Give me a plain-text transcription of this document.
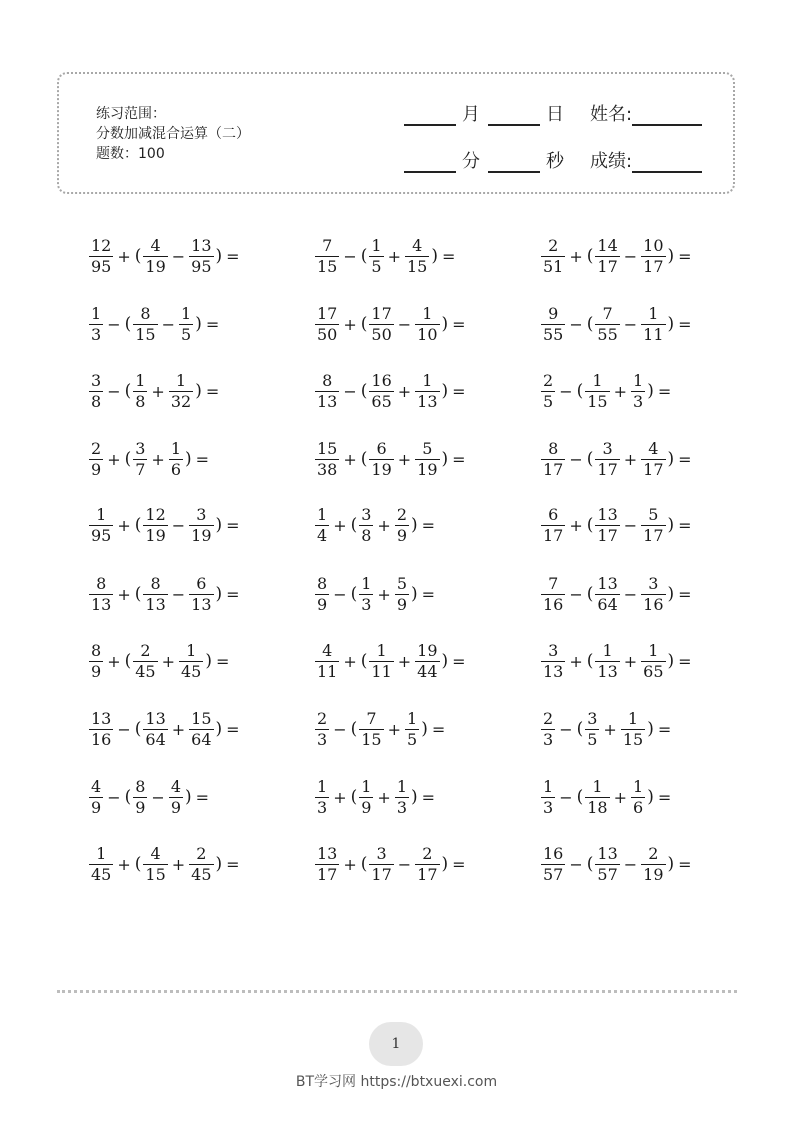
练习范围：
分数加减混合运算（二）
题数：100
月	日 姓名:
分	秒 成绩:
$\frac{12}{95}$ + ( $\frac{4}{19} - \frac{13}{95}$ ) =
$\frac{1}{3}$ − ( $\frac{8}{15} - \frac{1}{5}$ ) =
$\frac{3}{8}$ − ( $\frac{1}{8} + \frac{1}{32}$ ) =
$\frac{2}{9}$ + ( $\frac{3}{7} + \frac{1}{6}$ ) =
$\frac{1}{95}$ + ( $\frac{12}{19} - \frac{3}{19}$ ) =
$\frac{8}{13}$ + ( $\frac{8}{13} - \frac{6}{13}$ ) =
$\frac{8}{9}$ + ( $\frac{2}{45} + \frac{1}{45}$ ) =
$\frac{13}{16}$ − ( $\frac{13}{64} + \frac{15}{64}$ ) =
$\frac{4}{9}$ − ( $\frac{8}{9} - \frac{4}{9}$ ) =
$\frac{1}{45}$ + ( $\frac{4}{15} + \frac{2}{45}$ ) =
$\frac{7}{15}$ − ( $\frac{1}{5} + \frac{4}{15}$ ) =
$\frac{17}{50}$ + ( $\frac{17}{50} - \frac{1}{10}$ ) =
$\frac{8}{13}$ − ( $\frac{16}{65} + \frac{1}{13}$ ) =
$\frac{15}{38}$ + ( $\frac{6}{19} + \frac{5}{19}$ ) =
$\frac{1}{4}$ + ( $\frac{3}{8} + \frac{2}{9}$ ) =
$\frac{8}{9}$ − ( $\frac{1}{3} + \frac{5}{9}$ ) =
$\frac{4}{11}$ + ( $\frac{1}{11} + \frac{19}{44}$ ) =
$\frac{2}{3}$ − ( $\frac{7}{15} + \frac{1}{5}$ ) =
$\frac{1}{3}$ + ( $\frac{1}{9} + \frac{1}{3}$ ) =
$\frac{13}{17}$ + ( $\frac{3}{17} - \frac{2}{17}$ ) =
$\frac{2}{51}$ + ( $\frac{14}{17} - \frac{10}{17}$ ) =
$\frac{9}{55}$ − ( $\frac{7}{55} - \frac{1}{11}$ ) =
$\frac{2}{5}$ − ( $\frac{1}{15} + \frac{1}{3}$ ) =
$\frac{8}{17}$ − ( $\frac{3}{17} + \frac{4}{17}$ ) =
$\frac{6}{17}$ + ( $\frac{13}{17} - \frac{5}{17}$ ) =
$\frac{7}{16}$ − ( $\frac{13}{64} - \frac{3}{16}$ ) =
$\frac{3}{13}$ + ( $\frac{1}{13} + \frac{1}{65}$ ) =
$\frac{2}{3}$ − ( $\frac{3}{5} + \frac{1}{15}$ ) =
$\frac{1}{3}$ − ( $\frac{1}{18} + \frac{1}{6}$ ) =
$\frac{16}{57}$ − ( $\frac{13}{57} - \frac{2}{19}$ ) =
1
BT学习网 https://btxuexi.com
